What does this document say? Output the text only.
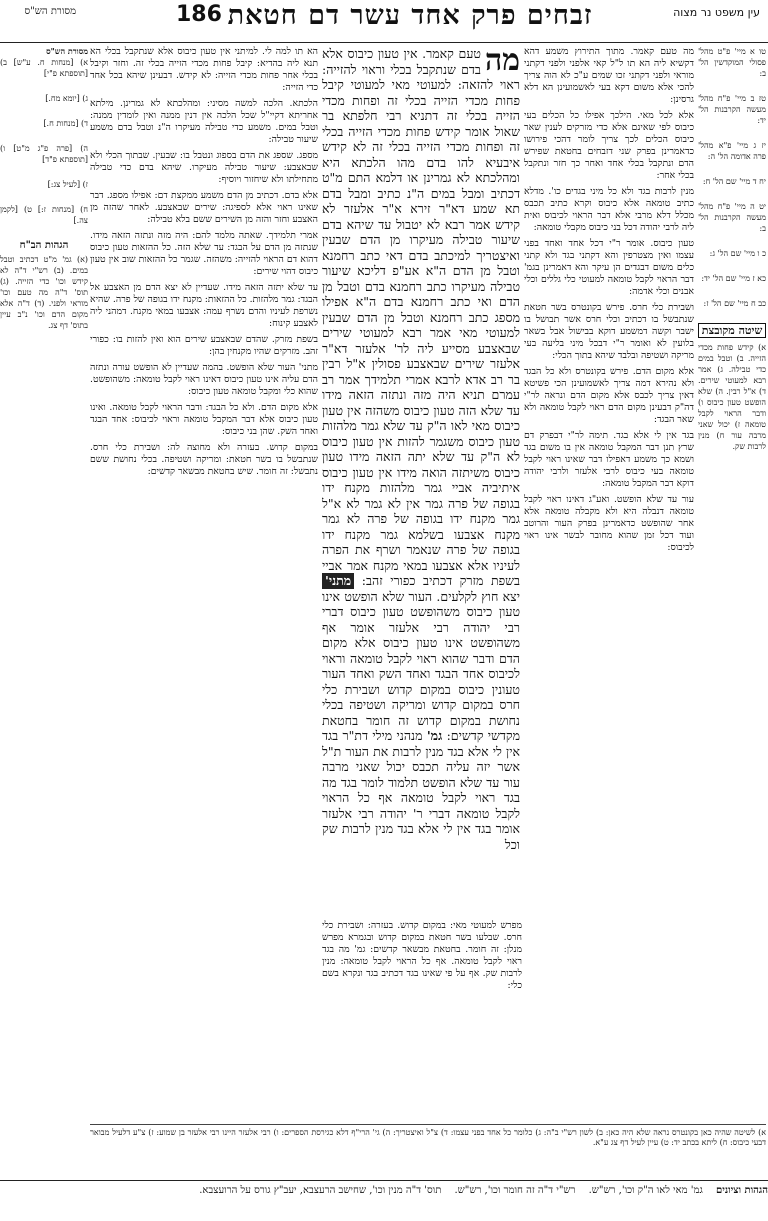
מסורת הש"ס	186 זבחים פרק אחד עשר דם חטאת	עין משפט נר מצוה
מסורת הש"ס
א) [מנחות ח. ע"ש] ב) [תוספתא פ"י]
ג) [יומא מח.]
ד) [מנחות ח.]
ה) [פרה פ"ג מ"ט] ו) [תוספתא פ"ד]
ז) [לעיל צג:]
ח) [מנחות ז:] ט) [לקמן צה.]
הגהות הב"ח
(א) גמ' מ"ט דכתיב וטבל במים. (ב) רש"י ד"ה לא קידש וכו' כדי הזייה. (ג) תוס' ד"ה מה טעם וכו' מוראי ולפני. (ד) ד"ה אלא מקום הדם וכו' נ"ב עיין בתוס' דף צג.

הא תו למה לי. למיתני אין טעון כיבוס אלא שנתקבל בכלי הא תנא ליה בהדיא: קיבל פחות מכדי הזייה בכלי זה. וחזר וקיבל בכלי אחר פחות מכדי הזייה: לא קידש. דבעינן שיהא בכל אחד כדי הזייה:

הלכתא. הלכה למשה מסיני: ומהלכתא לא גמרינן. מילתא אחריתא דקיי"ל שכל הלכה אין דנין ממנה ואין לומדין ממנה: וטבל במים. משמע כדי טבילה מעיקרו ה"נ וטבל בדם משמע שיעור טבילה:

מספג. שספג את הדם בספוג ונטבל בו: שבעין. שבתוך הכלי ולא שבאצבע: שיעור טבילה מעיקרו. שיהא בדם כדי טבילה מתחילתו ולא שיחזור ויוסיף:

אלא בדם. דכתיב מן הדם משמע ממקצת דם: אפילו מספג. דבר שאינו ראוי אלא לספיגה: שירים שבאצבע. לאחר שהזה מן האצבע וחזר והזה מן השירים ששם בלא טבילה:

אמרי תלמידך. שאתה מלמד להם: היה מזה ונתזה הזאה מידו. שנתזה מן הדם על הבגד: עד שלא הזה. כל ההזאות טעון כיבוס דהוא דם הראוי להזייה: משהזה. שגמר כל ההזאות שוב אין טעון כיבוס דהוי שירים:

עד שלא יתזה הזאה מידו. שעדיין לא יצא הדם מן האצבע אל הבגד: גמר מלהזות. כל ההזאות: מקנח ידו בגופה של פרה. שהיא נשרפת לעיניו והדם נשרף עמה: אצבעו במאי מקנח. דמהני ליה לאצבע קינוח:

בשפת מזרק. שהדם שבאצבע שירים הוא ואין להזות בו: כפורי זהב. מזרקים שהיו מקנחין בהן:

מתני' העור שלא הופשט. בהמה שעדיין לא הופשט עורה ונתזה הדם עליה אינו טעון כיבוס דאינו ראוי לקבל טומאה: משהופשט. שהוא כלי ומקבל טומאה טעון כיבוס:

אלא מקום הדם. ולא כל הבגד: ודבר הראוי לקבל טומאה. ואינו טעון כיבוס אלא דבר המקבל טומאה וראוי לכיבוס: אחד הבגד ואחד השק. שהן בני כיבוס:

במקום קדוש. בעזרה ולא מחוצה לה: ושבירת כלי חרס. שנתבשל בו בשר חטאת: ומריקה ושטיפה. בכלי נחושת ששם נתבשל: זה חומר. שיש בחטאת מבשאר קדשים:

מה
טעם קאמר. אין טעון כיבוס אלא בדם שנתקבל בכלי וראוי להזייה: ראוי להזאה: למעוטי מאי למעוטי קיבל פחות מכדי הזייה בכלי זה ופחות מכדי הזייה בכלי זה דתניא רבי חלפתא בר שאול אומר קידש פחות מכדי הזייה בכלי זה ופחות מכדי הזייה בכלי זה לא קידש איבעיא להו בדם מהו הלכתא היא ומהלכתא לא גמרינן או דלמא התם מ"ט דכתיב ומבל במים ה"נ כתיב ומבל בדם תא שמע דא"ר זירא א"ר אלעזר לא קידש אמר רבא לא יטבול עד שיהא בדם שיעור טבילה מעיקרו מן הדם שבעין ואיצטריך למיכתב בדם דאי כתב רחמנא וטבל מן הדם ה"א אע"פ דליכא שיעור טבילה מעיקרו כתב רחמנא בדם וטבל מן הדם ואי כתב רחמנא בדם ה"א אפילו מספג כתב רחמנא וטבל מן הדם שבעין למעוטי מאי אמר רבא למעוטי שירים שבאצבע מסייע ליה לר' אלעזר דא"ר אלעזר שירים שבאצבע פסולין א"ל רבין בר רב אדא לרבא אמרי תלמידך אמר רב עמרם תניא היה מזה ונתזה הזאה מידו עד שלא הזה טעון כיבוס משהזה אין טעון כיבוס מאי לאו ה"ק עד שלא גמר מלהזות טעון כיבוס משגמר להזות אין טעון כיבוס לא ה"ק עד שלא יתה הזאה מידו טעון כיבוס משיתזה הואה מידו אין טעון כיבוס איתיביה אביי גמר מלהזות מקנח ידו בגופה של פרה גמר אין לא גמר לא א"ל גמר מקנח ידו בגופה של פרה לא גמר מקנח אצבעו בשלמא גמר מקנח ידו בגופה של פרה שנאמר ושרף את הפרה לעיניו אלא אצבעו במאי מקנח אמר אביי בשפת מזרק דכתיב כפורי זהב: מתני' יצא חוץ לקלעים. העור שלא הופשט אינו טעון כיבוס משהופשט טעון כיבוס דברי רבי יהודה רבי אלעזר אומר אף משהופשט אינו טעון כיבוס אלא מקום הדם ודבר שהוא ראוי לקבל טומאה וראוי לכיבוס אחד הבגד ואחד השק ואחד העור טעונין כיבוס במקום קדוש ושבירת כלי חרס במקום קדוש ומריקה ושטיפה בכלי נחושת במקום קדוש זה חומר בחטאת מקדשי קדשים: גמ' מנהני מילי דת"ר בגד אין לי אלא בגד מנין לרבות את העור ת"ל אשר יזה עליה תכבס יכול שאני מרבה עור עד שלא הופשט תלמוד לומר בגד מה בגד ראוי לקבל טומאה אף כל הראוי לקבל טומאה דברי ר' יהודה רבי אלעזר אומר בגד אין לי אלא בגד מנין לרבות שק וכל
מפרש למעוטי מאי: במקום קדוש. בעזרה: ושבירת כלי חרס. שבלעו בשר חטאת במקום קדוש ובגמרא מפרש מנלן: זה חומר. בחטאת מבשאר קדשים: גמ' מה בגד ראוי לקבל טומאה. אף כל הראוי לקבל טומאה: מנין לרבות שק. אף על פי שאינו בגד דכתיב בגד ונקרא בשם כלי:

מה טעם קאמר. מתוך התירוץ משמע דהא דקשיא ליה הא תו ל"ל קאי אלפני ולפני דקתני מוראי ולפני דקתני זכו שמים ע"כ לא הוה צריך להכי אלא משום דקא בעי לאשמועינן הא דלא גרסינן:

אלא לכל מאי. הילכך אפילו כל הכלים בעי כיבוס לפי שאינם אלא כדי מזרקים לענין שאר כיבוס הכלים לכך צריך לומר דהכי פירושו כדאמרינן בפרק שני דזבחים בחטאת שפירש הדם ונתקבל בכלי אחד ואחר כך חזר ונתקבל בכלי אחר:

מנין לרבות בגד ולא כל מיני בגדים כו'. מדלא כתיב טומאה אלא כיבוס וקרא כתיב תכבס מכלל דלא מרבי אלא דבר הראוי לכיבוס ואית ליה לרבי יהודה דכל בני כיבוס מקבלי טומאה:

טעון כיבוס. אומר ר"י דכל אחד ואחד בפני עצמו ואין מצטרפין והא דקתני בגד ולא קתני כלים משום דבגדים הן עיקר והא דאמרינן בגמ' דבר הראוי לקבל טומאה למעוטי כלי גללים וכלי אבנים וכלי אדמה:

ושבירת כלי חרס. פירש בקונטרס בשר חטאת שנתבשל בו דכתיב וכלי חרס אשר תבושל בו ישבר וקשה דמשמע דוקא בבישול אבל בשאר בלועין לא ואומר ר"י דבכל מיני בליעה בעי מריקה ושטיפה ובלבד שיהא בתוך הכלי:

אלא מקום הדם. פירש בקונטרס ולא כל הבגד ולא נהירא דמה צריך לאשמועינן הכי פשיטא דאין צריך לכבס אלא מקום הדם ונראה לר"י דה"ק דבעינן מקום הדם ראוי לקבל טומאה ולא שאר הבגד:

בגד אין לי אלא בגד. תימה לר"י דבפרק דם שרץ תנן דבר המקבל טומאה אין בו משום בגד ושמא כך משמע דאפילו דבר שאינו ראוי לקבל טומאה בעי כיבוס לרבי אלעזר ולרבי יהודה דוקא דבר המקבל טומאה:

עור עד שלא הופשט. ואע"ג דאינו ראוי לקבל טומאה דנבלה היא ולא מקבלה טומאה אלא אחר שהופשט כדאמרינן בפרק העור והרוטב ועוד דכל זמן שהוא מחובר לבשר אינו ראוי לכיבוס:

טו א מיי' פ"ט מהל' פסולי המוקדשין הל' ב:
טז ב מיי' פ"ח מהל' מעשה הקרבנות הל' יד:
יז ג מיי' פ"א מהל' פרה אדומה הל' ה:
יח ד מיי' שם הל' ח:
יט ה מיי' פ"ח מהל' מעשה הקרבנות הל' ב:
כ ו מיי' שם הל' ג:
כא ז מיי' שם הל' יד:
כב ח מיי' שם הל' ז:
שיטה מקובצת
א) קידש פחות מכדי הזייה. ב) וטבל במים כדי טבילה. ג) אמר רבא למעוטי שירים. ד) א"ל רבין. ה) שלא הופשט טעון כיבוס ו) ודבר הראוי לקבל טומאה ז) יכול שאני מרבה עור ח) מנין לרבות שק.
א) לשיטה שהיה כאן בקונטרס נראה שלא היה כאן: ב) לשון רש"י ב"ה: ג) כלומר כל אחד בפני עצמו: ד) צ"ל ואיצטריך: ה) גי' הרי"ף דלא כגירסת הספרים: ו) רבי אלעזר היינו רבי אלעזר בן שמוע: ז) צ"ע דלעיל מבואר דבעי כיבוס: ח) ליתא בכתב יד: ט) עיין לעיל דף צג ע"א.
הגהות וציונים גמ' מאי לאו ה"ק וכו', רש"ש. רש"י ד"ה זה חומר וכו', רש"ש. תוס' ד"ה מנין וכו', שחישב הרעצבא, יעב"ץ גורס על הרועצבא.
